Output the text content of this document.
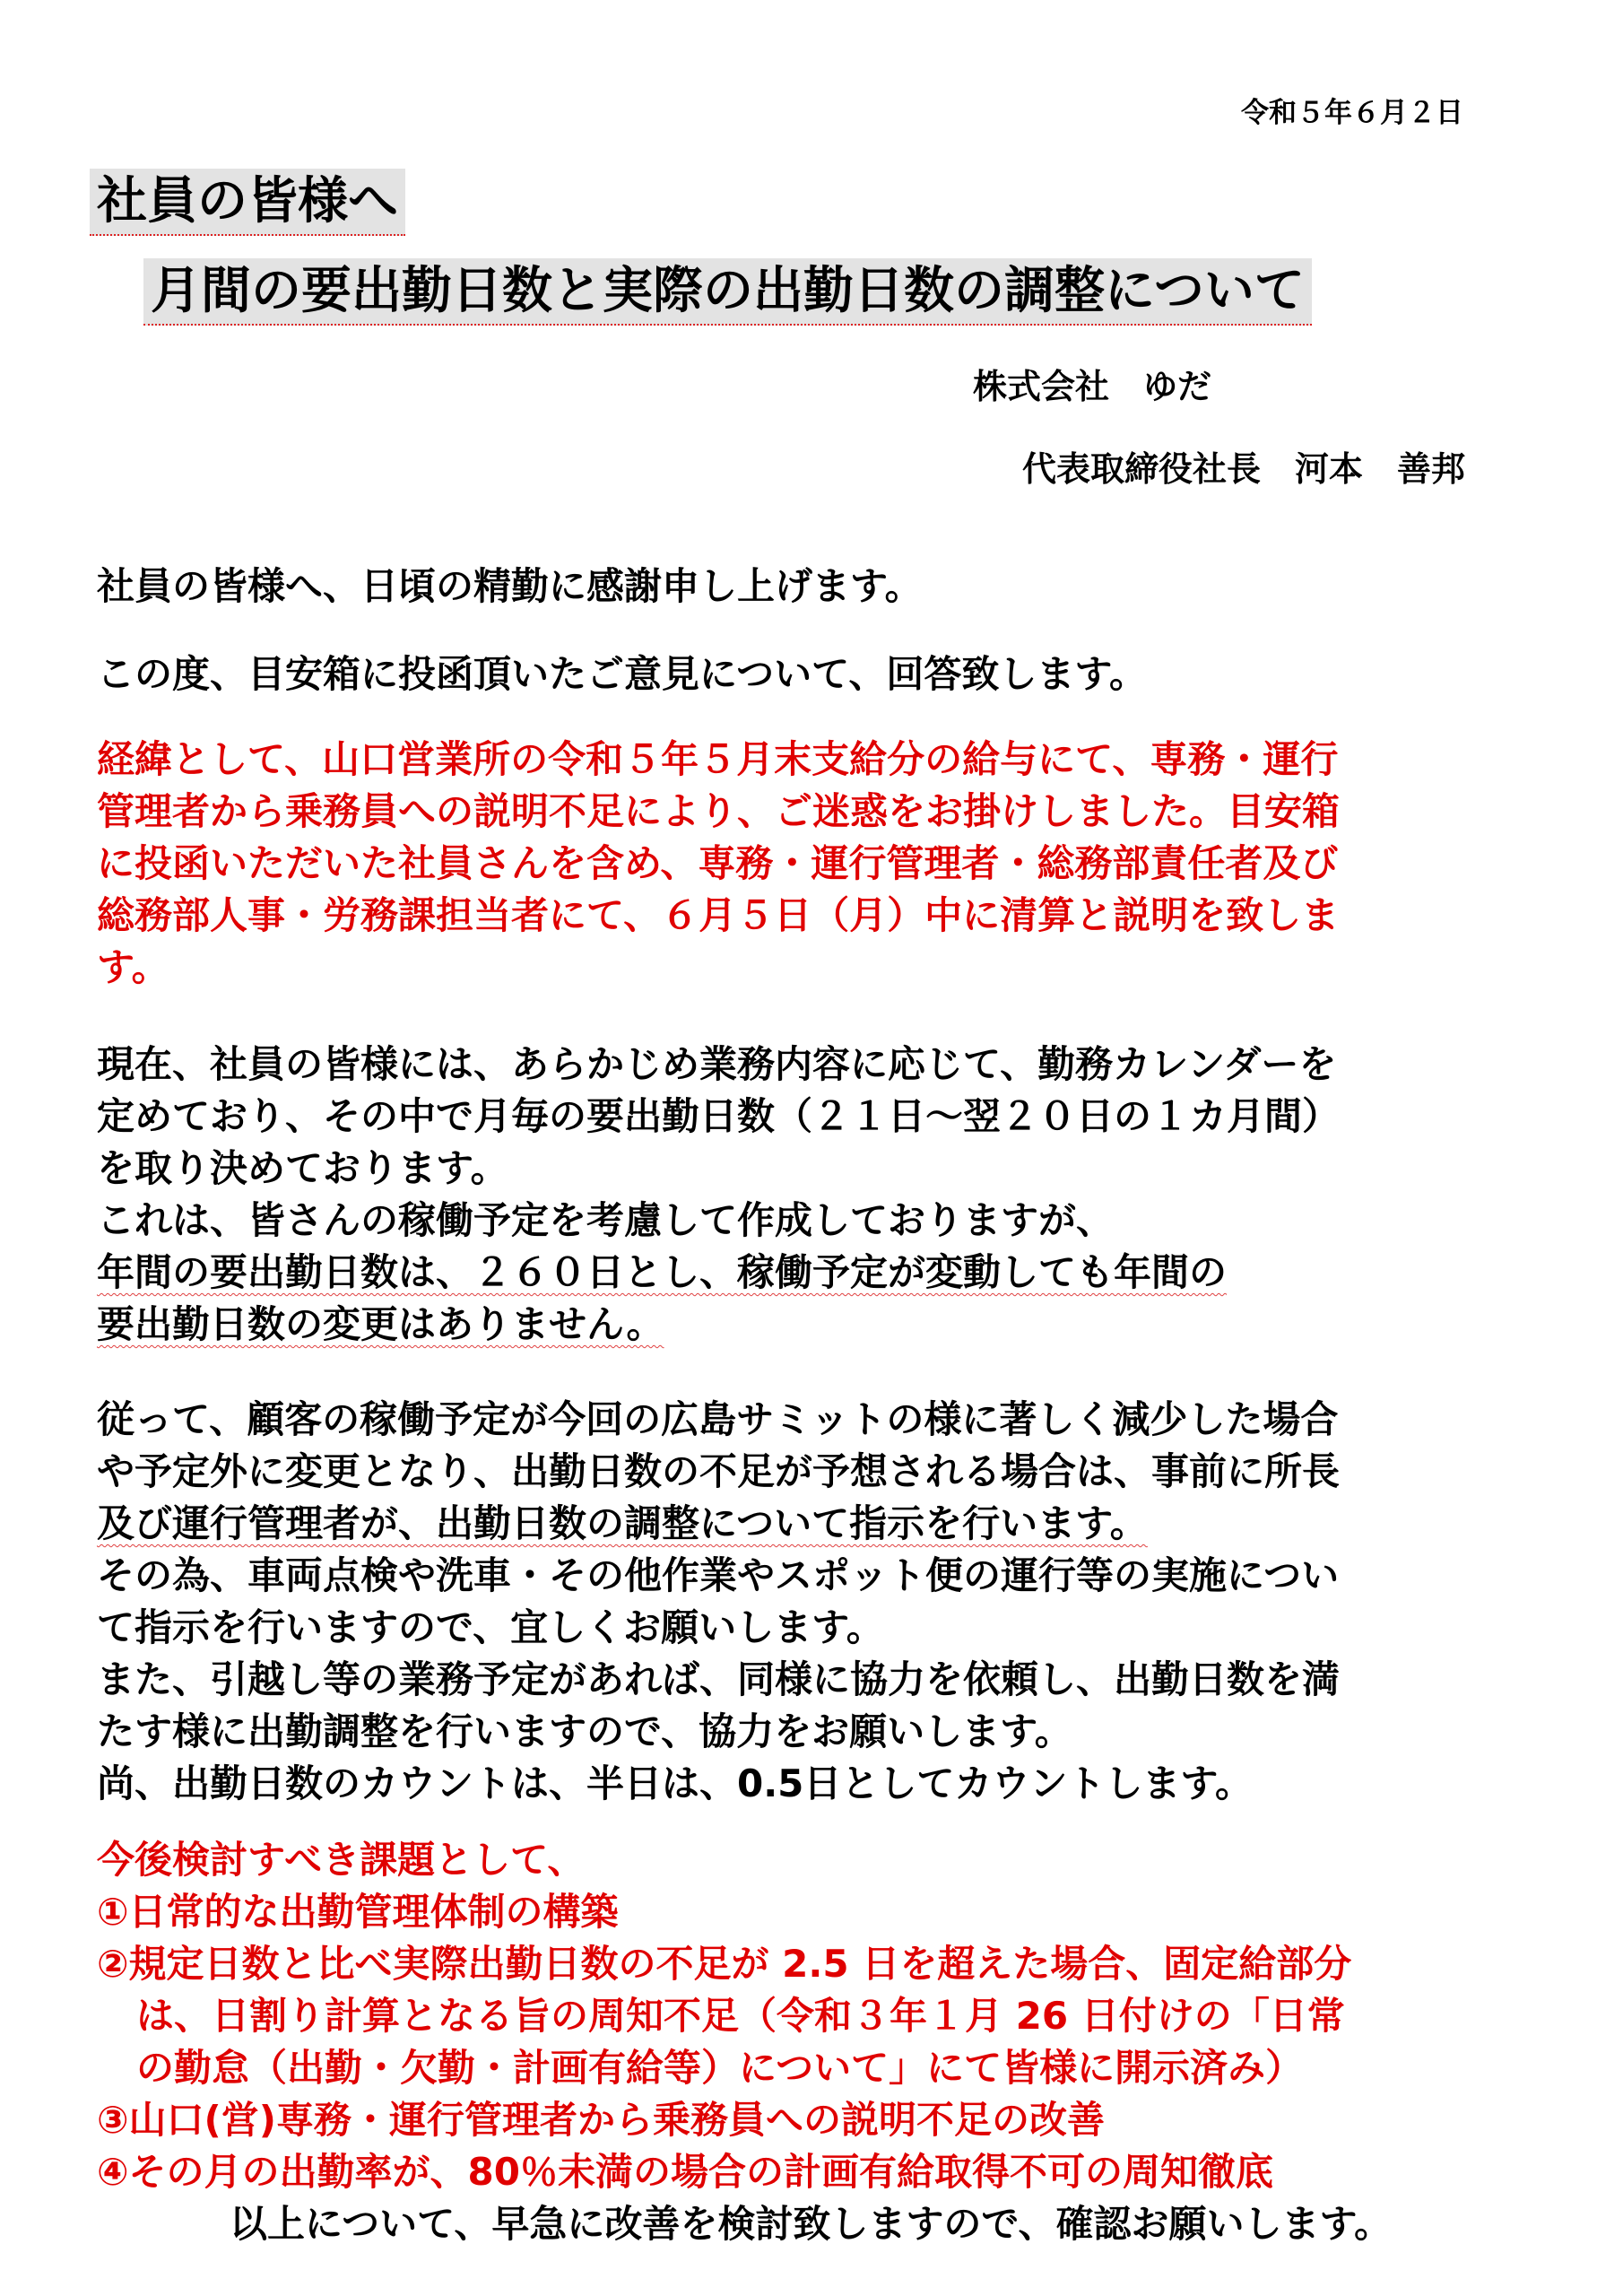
令和５年６月２日
社員の皆様へ
月間の要出勤日数と実際の出勤日数の調整について
株式会社　ゆだ
代表取締役社長　河本　善邦
社員の皆様へ、日頃の精勤に感謝申し上げます。
この度、目安箱に投函頂いたご意見について、回答致します。
経緯として、山口営業所の令和５年５月末支給分の給与にて、専務・運行
管理者から乗務員への説明不足により、ご迷惑をお掛けしました。目安箱
に投函いただいた社員さんを含め、専務・運行管理者・総務部責任者及び
総務部人事・労務課担当者にて、６月５日（月）中に清算と説明を致しま
す。
現在、社員の皆様には、あらかじめ業務内容に応じて、勤務カレンダーを
定めており、その中で月毎の要出勤日数（２１日～翌２０日の１カ月間）
を取り決めております。
これは、皆さんの稼働予定を考慮して作成しておりますが、
年間の要出勤日数は、２６０日とし、稼働予定が変動しても年間の
要出勤日数の変更はありません。
従って、顧客の稼働予定が今回の広島サミットの様に著しく減少した場合
や予定外に変更となり、出勤日数の不足が予想される場合は、事前に所長
及び運行管理者が、出勤日数の調整について指示を行います。
その為、車両点検や洗車・その他作業やスポット便の運行等の実施につい
て指示を行いますので、宜しくお願いします。
また、引越し等の業務予定があれば、同様に協力を依頼し、出勤日数を満
たす様に出勤調整を行いますので、協力をお願いします。
尚、出勤日数のカウントは、半日は、0.5日としてカウントします。
今後検討すべき課題として、
①日常的な出勤管理体制の構築
②規定日数と比べ実際出勤日数の不足が 2.5 日を超えた場合、固定給部分
は、日割り計算となる旨の周知不足（令和３年１月 26 日付けの「日常
の勤怠（出勤・欠勤・計画有給等）について」にて皆様に開示済み）
③山口(営)専務・運行管理者から乗務員への説明不足の改善
④その月の出勤率が、80％未満の場合の計画有給取得不可の周知徹底
以上について、早急に改善を検討致しますので、確認お願いします。
